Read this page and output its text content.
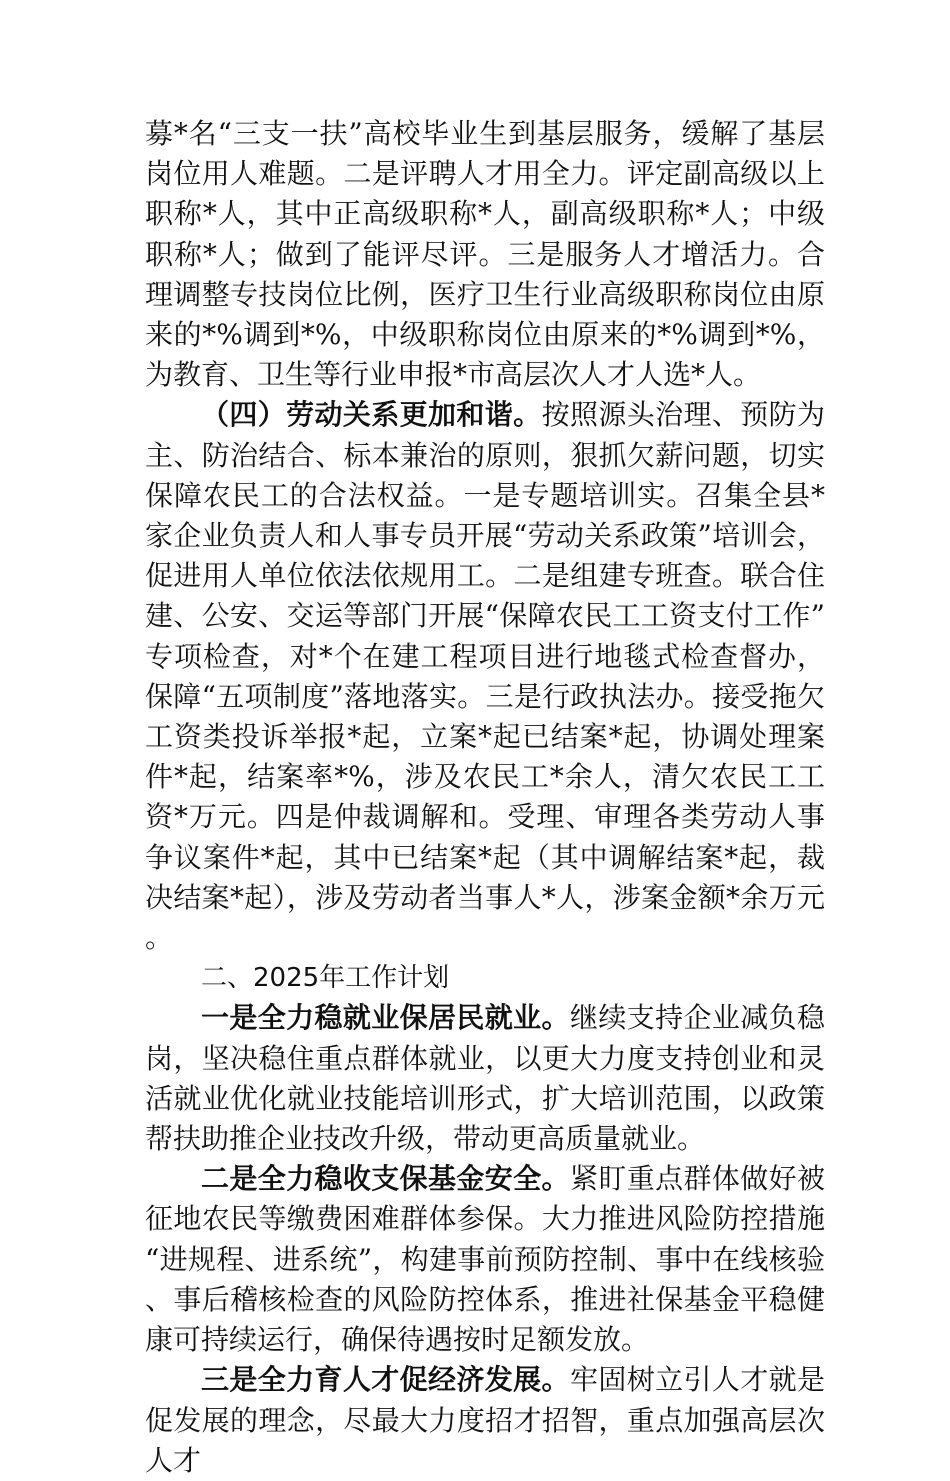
募*名“三支一扶”高校毕业生到基层服务，缓解了基层岗位用人难题。二是评聘人才用全力。评定副高级以上职称*人，其中正高级职称*人，副高级职称*人；中级职称*人；做到了能评尽评。三是服务人才增活力。合理调整专技岗位比例，医疗卫生行业高级职称岗位由原来的*%调到*%，中级职称岗位由原来的*%调到*%，为教育、卫生等行业申报*市高层次人才人选*人。

（四）劳动关系更加和谐。按照源头治理、预防为主、防治结合、标本兼治的原则，狠抓欠薪问题，切实保障农民工的合法权益。一是专题培训实。召集全县*家企业负责人和人事专员开展“劳动关系政策”培训会，促进用人单位依法依规用工。二是组建专班查。联合住建、公安、交运等部门开展“保障农民工工资支付工作”专项检查，对*个在建工程项目进行地毯式检查督办，保障“五项制度”落地落实。三是行政执法办。接受拖欠工资类投诉举报*起，立案*起已结案*起，协调处理案件*起，结案率*%，涉及农民工*余人，清欠农民工工资*万元。四是仲裁调解和。受理、审理各类劳动人事争议案件*起，其中已结案*起（其中调解结案*起，裁决结案*起），涉及劳动者当事人*人，涉案金额*余万元。

二、2025年工作计划

一是全力稳就业保居民就业。继续支持企业减负稳岗，坚决稳住重点群体就业，以更大力度支持创业和灵活就业优化就业技能培训形式，扩大培训范围，以政策帮扶助推企业技改升级，带动更高质量就业。

二是全力稳收支保基金安全。紧盯重点群体做好被征地农民等缴费困难群体参保。大力推进风险防控措施“进规程、进系统”，构建事前预防控制、事中在线核验、事后稽核检查的风险防控体系，推进社保基金平稳健康可持续运行，确保待遇按时足额发放。

三是全力育人才促经济发展。牢固树立引人才就是促发展的理念，尽最大力度招才招智，重点加强高层次人才
